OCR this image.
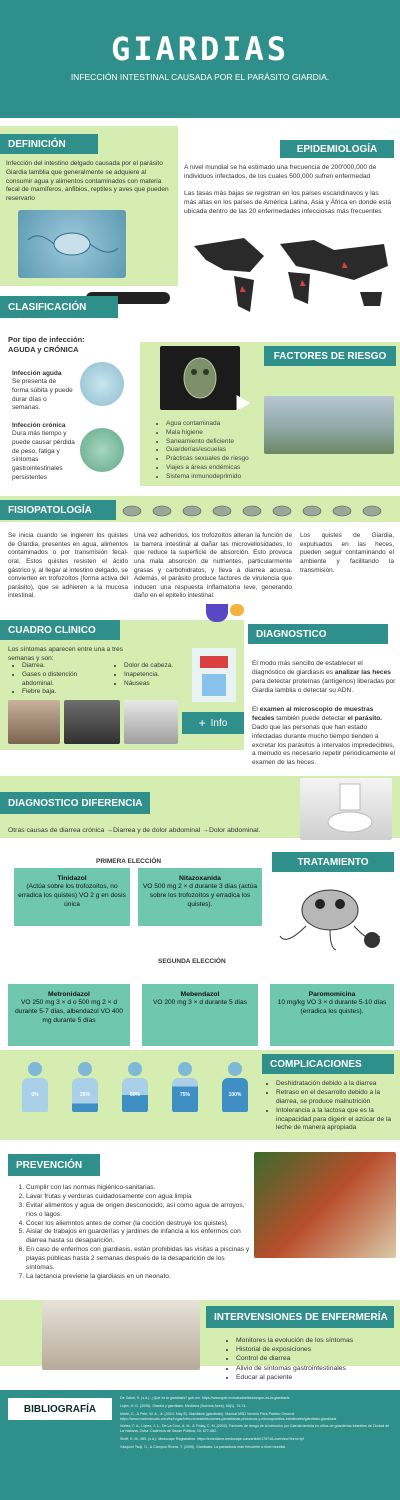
GIARDIAS
INFECCIÓN INTESTINAL CAUSADA POR EL PARÁSITO GIARDIA.
DEFINICIÓN

Infección del intestino delgado causada por el parásito Giardia lamblia que generalmente se adquiere al consumir agua y alimentos contaminados con materia fecal de mamíferos, anfibios, reptiles y aves que pueden reservarlo

EPIDEMIOLOGÍA

A nivel mundial se ha estimado una frecuencia de 200'000,000 de individuos infectados, de los cuales 500,000 sufren enfermedad

Las tasas más bajas se registran en los países escandinavos y las más altas en los países de América Latina, Asia y África en donde está ubicada dentro de las 20 enfermedades infecciosas más frecuentes

CLASIFICACIÓN
Por tipo de infección: AGUDA y CRÓNICA
Infección aguda

Se presenta de forma súbita y puede durar días o semanas.

Infección crónica

Dura más tiempo y puede causar pérdida de peso, fatiga y síntomas gastrointestinales persistentes

FACTORES DE RIESGO
• Agua contaminada
• Mala higiene
• Saneamiento deficiente
• Guarderías/escuelas
• Prácticas sexuales de riesgo
• Viajes a áreas endémicas
• Sistema inmunodeprimido
FISIOPATOLOGÍA

Se inicia cuando se ingieren los quistes de Giardia, presentes en agua, alimentos contaminados o por transmisión fecal-oral. Estos quistes resisten el ácido gástrico y, al llegar al intestino delgado, se convierten en trofozoítos (forma activa del parásito), que se adhieren a la mucosa intestinal.

Una vez adheridos, los trofozoítos alteran la función de la barrera intestinal al dañar las microvellosidades, lo que reduce la superficie de absorción. Esto provoca una mala absorción de nutrientes, particularmente grasas y carbohidratos, y lleva a diarrea acuosa. Además, el parásito produce factores de virulencia que inducen una respuesta inflamatoria leve, generando daño en el epitelio intestinal.

Los quistes de Giardia, expulsados en las heces, pueden seguir contaminando el ambiente y facilitando la transmisión.

CUADRO CLINICO

Los síntomas aparecen entre una a tres semanas y son:

• Diarrea.
• Gases o distención abdominal.
• Fiebre baja.
• Dolor de cabeza.
• Inapetencia.
• Náuseas
+ Info
DIAGNOSTICO

El modo más sencillo de establecer el diagnóstico de giardiasis es analizar las heces para detectar proteínas (antígenos) liberadas por Giardia lamblia o detectar su ADN.

El examen al microscopio de muestras fecales también puede detectar el parásito. Dado que las personas que han estado infectadas durante mucho tiempo tienden a excretar los parásitos a intervalos impredecibles, a menudo es necesario repetir periódicamente el examen de las heces.

DIAGNOSTICO DIFERENCIA

Otras causas de diarrea crónica →Diarrea y de dolor abdominal →Dolor abdominal.

PRIMERA ELECCIÓN	TRATAMIENTO
Tinidazol
(Actúa sobre los trofozoítos, no erradica los quistes) VO 2 g en dosis única
Nitazoxanida
VO 500 mg 2 × d durante 3 días (actúa sobre los trofozoítos y erradica los quistes).
SEGUNDA ELECCIÓN
Metronidazol
VO 250 mg 3 × d o 500 mg 2 × d durante 5-7 días, albendazol VO 400 mg durante 5 días
Mebendazol
VO 200 mg 3 × d durante 5 días
Paromomicina
10 mg/kg VO 3 × d durante 5-10 días (erradica los quistes).
0%	25%	50%	75%	100%
COMPLICACIONES
• Deshidratación debido a la diarrea
• Retraso en el desarrollo debido a la diarrea, se produce malnutrición
• Intolerancia a la lactosa que es la incapacidad para digerir el azúcar de la leche de manera apropiada
PREVENCIÓN
1. Cumplir con las normas higiénico-sanitarias.
2. Lavar frutas y verduras cuidadosamente con agua limpia
3. Evitar alimentos y agua de origen desconocido, así como agua de arroyos, ríos o lagos.
4. Cocer los aliemntos antes de comer (la cocción destruye los quistes).
5. Aislar de trabajos en guarderías y jardines de infancia a los enfermos con diarrea hasta su desaparición.
6. En caso de enfermos con giardiasis, están prohibidas las visitas a piscinas y playas públicas hasta 2 semanas después de la desaparición de los síntomas.
7. La lactancia previene la giardiasis en un neonato.
INTERVENSIONES DE ENFERMERÍA
• Monitores la evolución de los síntomas
• Historial de exposiciones
• Control de diarrea
• Alivio de síntomas gastrointestinales
• Educar al paciente
BIBLIOGRAFÍA

De Salud, S. (s.d.). ¿Qué es la giardiasis? gob.mx. https://www.gob.mx/salud/articulos/que-es-la-giardiasis

Luján, H. D. (2006). Giardia y giardiasis. Medicina (Buenos Aires), 66(1), 70-74.

Marie, C., & Petri, W. A., Jr. (2024, May 8). Giardiasis (giardiosis). Manual MSD Versión Para Público General. https://www.msdmanuals.com/es/hogar/infecciones/infecciones-parasitarias-protozoos-y-microsporidios-intestinales/giardiasis-giardiosis

Núñez, F. A., López, J. L., De La Cruz, A. M., & Finlay, C. M. (2003). Factores de riesgo de la infección por Giardia lamblia en niños de guarderías infantiles de Ciudad de La Habana, Cuba. Cadernos de Saúde Pública, 19, 677-682.

Smiff, E. M., MD. (s.d.). Medscape Registration. https://emedicine.medscape.com/article/176718-overview?form=fpf

Vázquez Tsuji, O., & Campos Rivera, T. (2009). Giardiasis. La parasitosis más frecuente a nivel mundial.
